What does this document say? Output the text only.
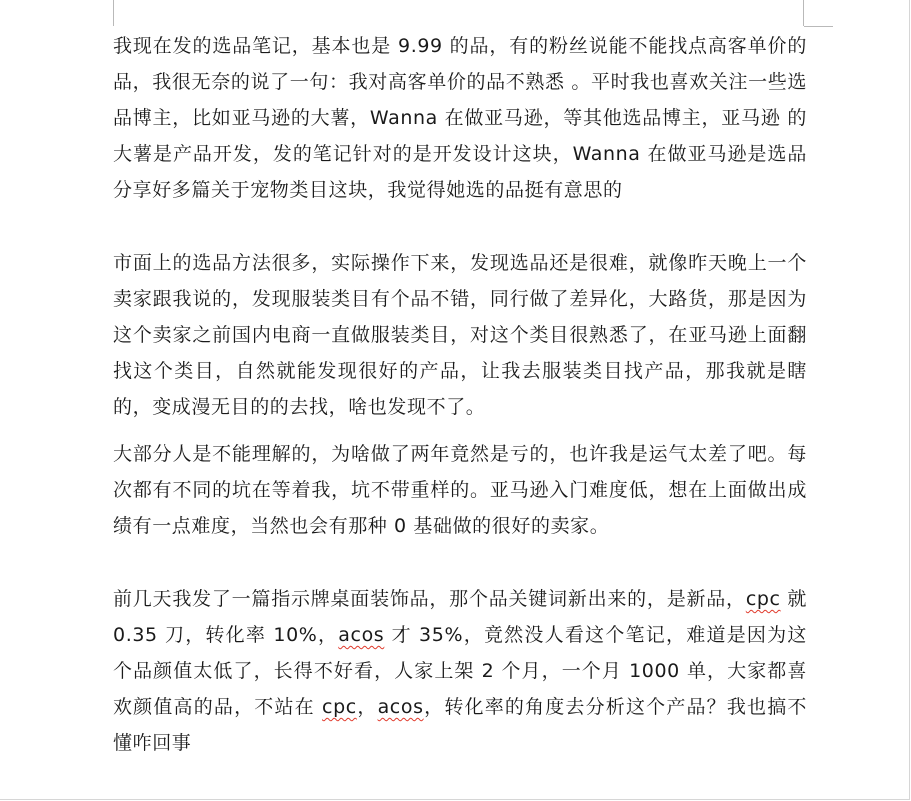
我现在发的选品笔记，基本也是 9.99 的品，有的粉丝说能不能找点高客单价的品，我很无奈的说了一句：我对高客单价的品不熟悉 。平时我也喜欢关注一些选品博主，比如亚马逊的大薯，Wanna 在做亚马逊，等其他选品博主，亚马逊 的大薯是产品开发，发的笔记针对的是开发设计这块，Wanna 在做亚马逊是选品分享好多篇关于宠物类目这块，我觉得她选的品挺有意思的

市面上的选品方法很多，实际操作下来，发现选品还是很难，就像昨天晚上一个卖家跟我说的，发现服装类目有个品不错，同行做了差异化，大路货，那是因为这个卖家之前国内电商一直做服装类目，对这个类目很熟悉了，在亚马逊上面翻找这个类目，自然就能发现很好的产品，让我去服装类目找产品，那我就是瞎的，变成漫无目的的去找，啥也发现不了。

大部分人是不能理解的，为啥做了两年竟然是亏的，也许我是运气太差了吧。每次都有不同的坑在等着我，坑不带重样的。亚马逊入门难度低，想在上面做出成绩有一点难度，当然也会有那种 0 基础做的很好的卖家。

前几天我发了一篇指示牌桌面装饰品，那个品关键词新出来的，是新品，cpc 就 0.35 刀，转化率 10%，acos 才 35%，竟然没人看这个笔记，难道是因为这个品颜值太低了，长得不好看，人家上架 2 个月，一个月 1000 单，大家都喜欢颜值高的品，不站在 cpc，acos，转化率的角度去分析这个产品？我也搞不懂咋回事
